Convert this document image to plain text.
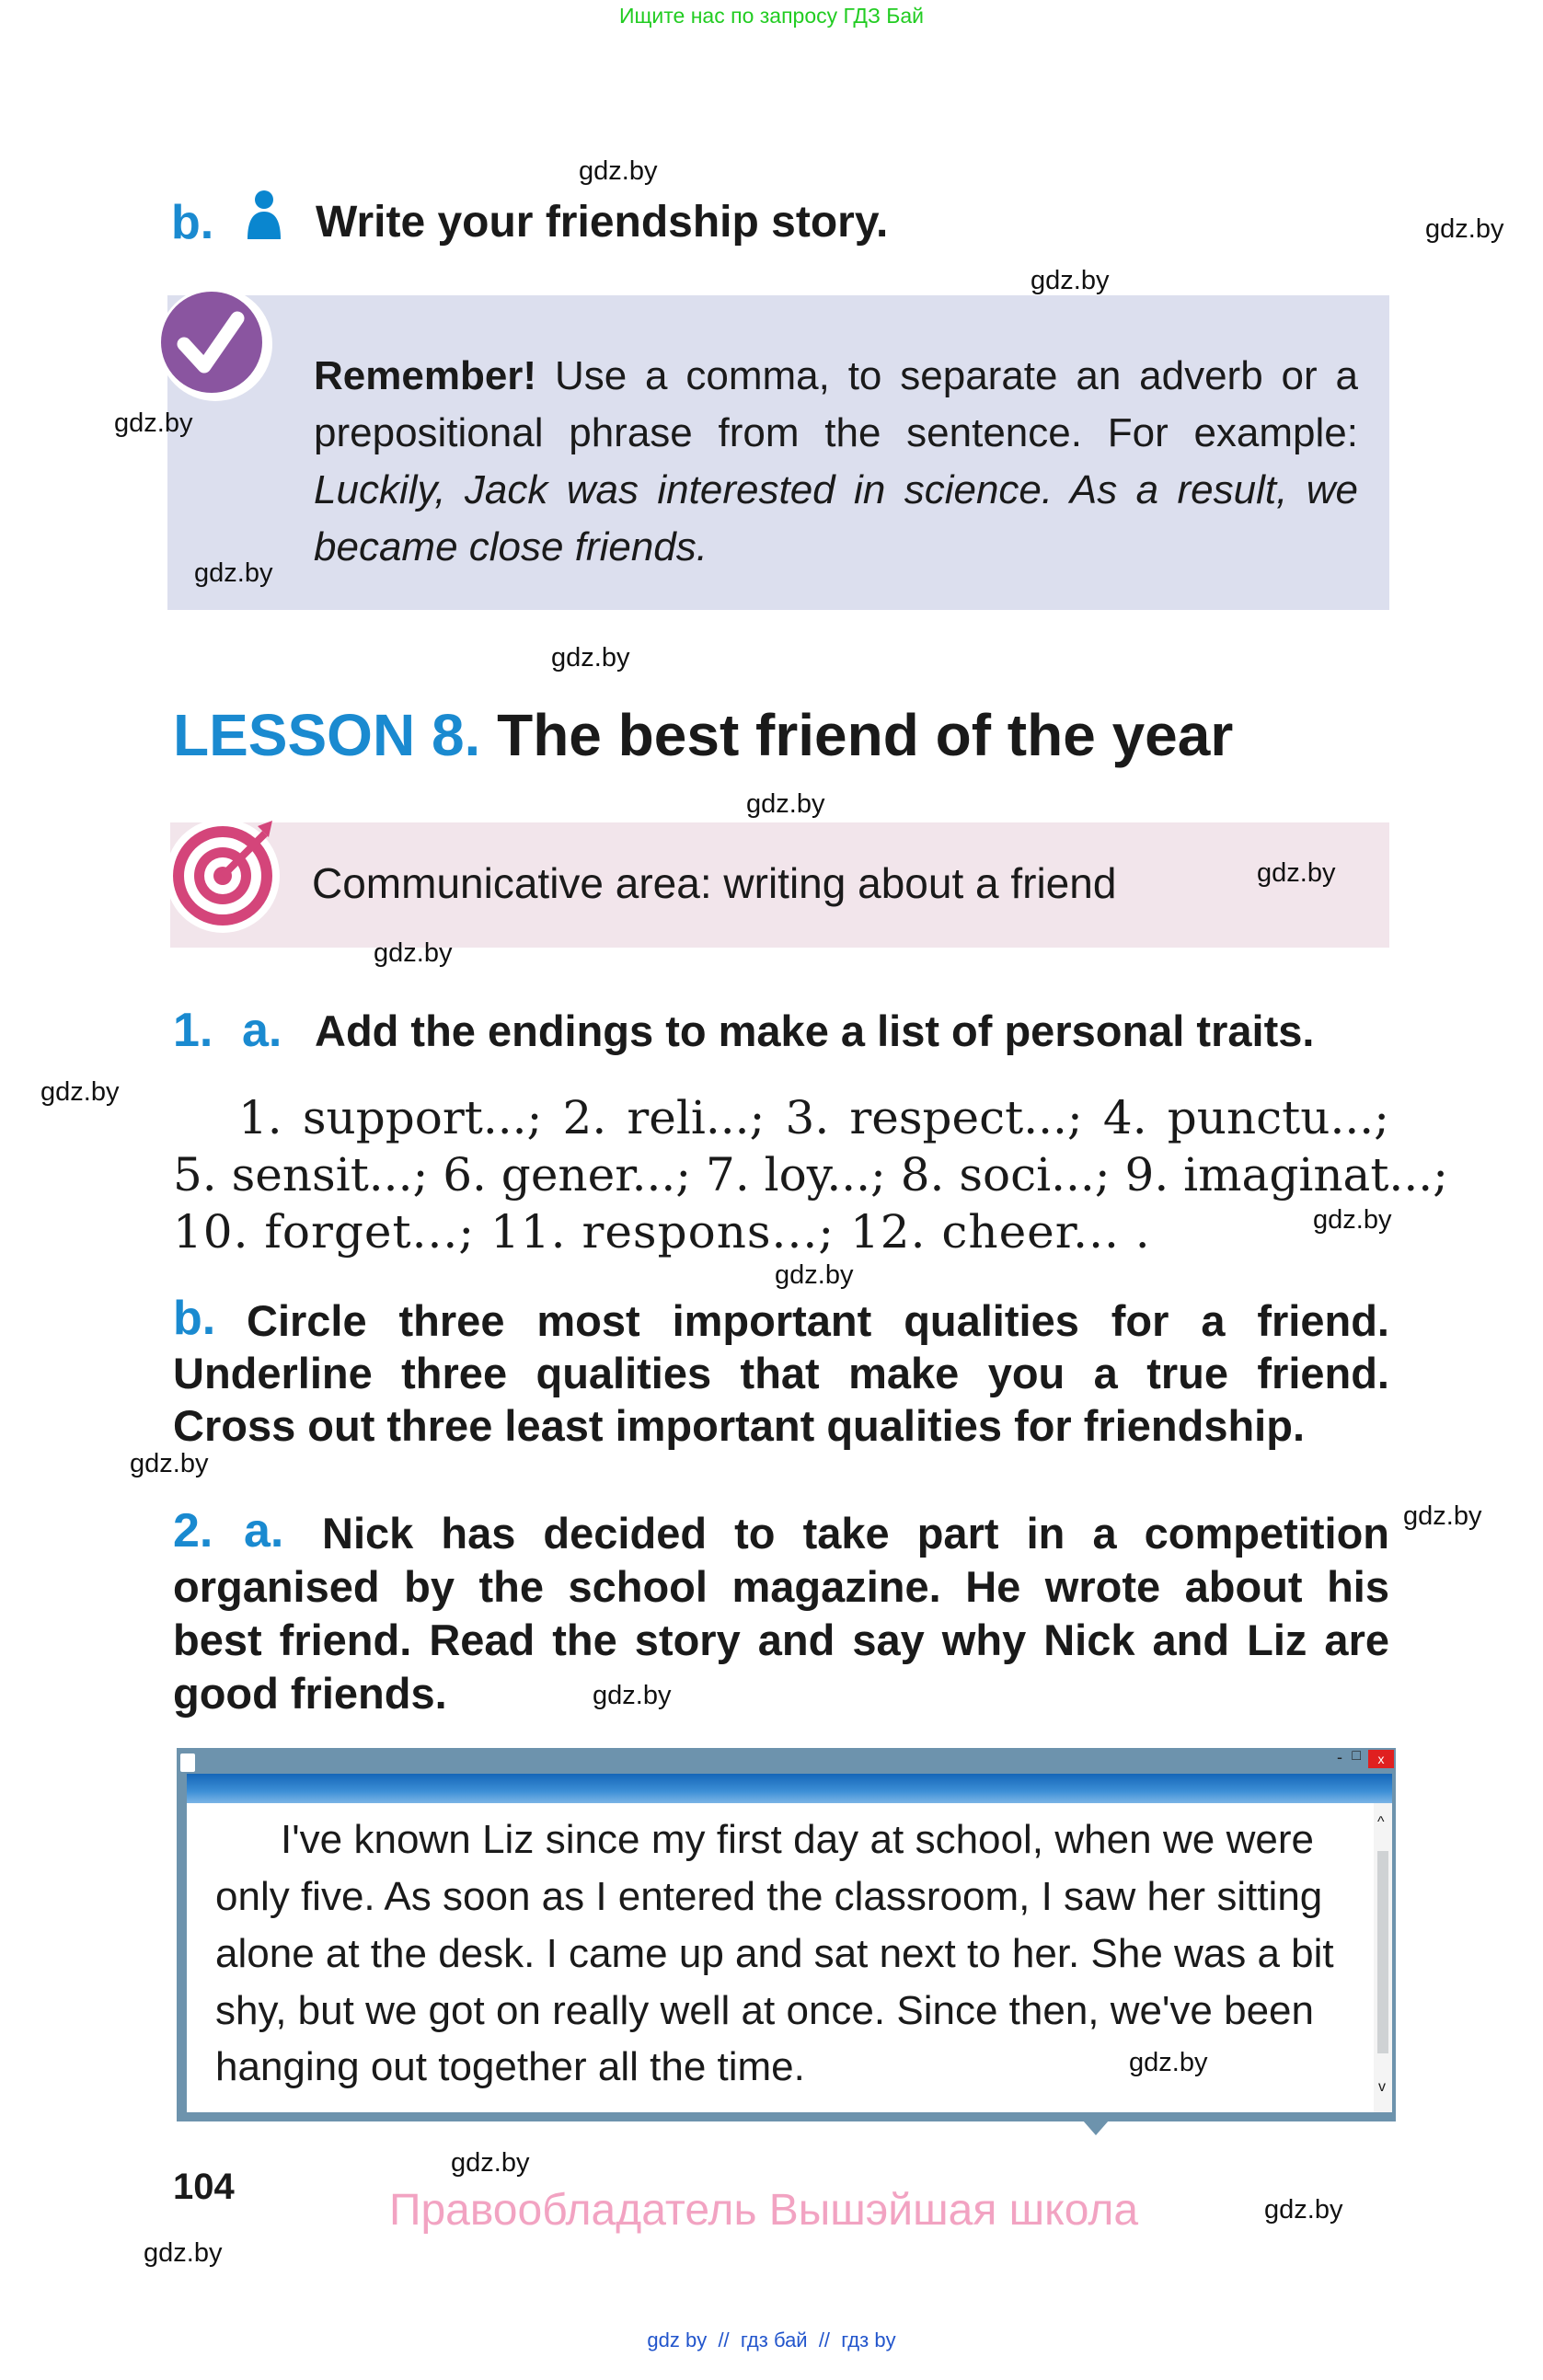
Ищите нас по запросу ГДЗ Бай
b. Write your friendship story.
Remember! Use a comma, to separate an adverb or a
prepositional phrase from the sentence. For example:
Luckily, Jack was interested in science. As a result, we
became close friends.
LESSON 8. The best friend of the year
Communicative area: writing about a friend
1. a. Add the endings to make a list of personal traits.
1. support...; 2. reli...; 3. respect...; 4. punctu...;
5. sensit...; 6. gener...; 7. loy...; 8. soci...; 9. imaginat...;
10. forget...; 11. respons...; 12. cheer... .
b. Circle three most important qualities for a friend.
Underline three qualities that make you a true friend.
Cross out three least important qualities for friendship.
2. a. Nick has decided to take part in a competition
organised by the school magazine. He wrote about his
best friend. Read the story and say why Nick and Liz are
good friends.
- □	x
^
v
I've known Liz since my first day at school, when we were
only five. As soon as I entered the classroom, I saw her sitting
alone at the desk. I came up and sat next to her. She was a bit
shy, but we got on really well at once. Since then, we've been
hanging out together all the time.
104	Правообладатель Вышэйшая школа
gdz by  //  гдз бай  //  гдз by
gdz.by
gdz.by
gdz.by
gdz.by
gdz.by
gdz.by
gdz.by
gdz.by
gdz.by
gdz.by
gdz.by
gdz.by
gdz.by
gdz.by
gdz.by
gdz.by
gdz.by
gdz.by
gdz.by
